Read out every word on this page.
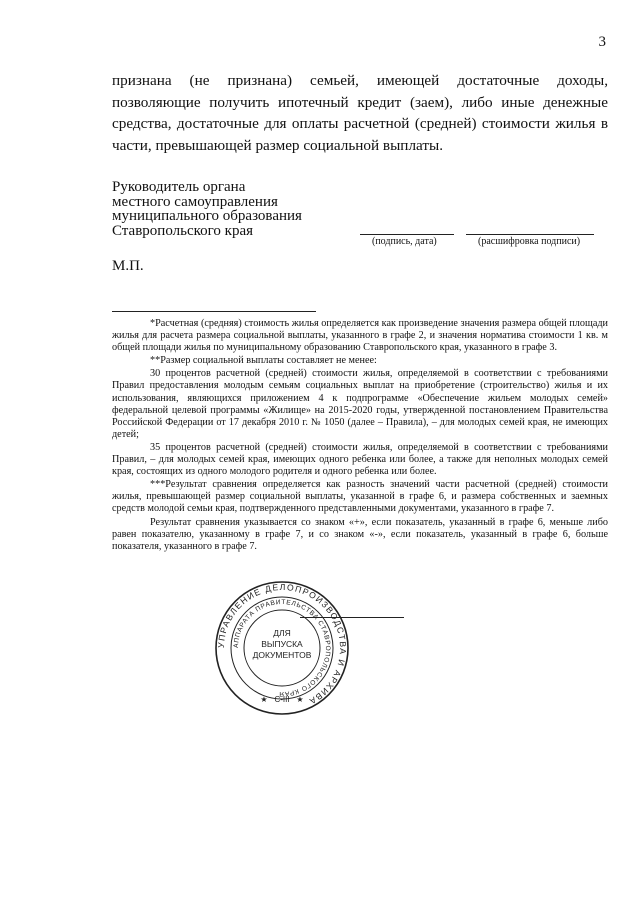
3

признана (не признана) семьей, имеющей достаточные доходы, позволяющие получить ипотечный кредит (заем), либо иные денежные средства, достаточные для оплаты расчетной (средней) стоимости жилья в части, превышающей размер социальной выплаты.

Руководитель органа
местного самоуправления
муниципального образования
Ставропольского края
(подпись, дата)	(расшифровка подписи)
М.П.

*Расчетная (средняя) стоимость жилья определяется как произведение значения размера общей площади жилья для расчета размера социальной выплаты, указанного в графе 2, и значения норматива стоимости 1 кв. м общей площади жилья по муниципальному образованию Ставропольского края, указанного в графе 3.

**Размер социальной выплаты составляет не менее:

30 процентов расчетной (средней) стоимости жилья, определяемой в соответствии с требованиями Правил предоставления молодым семьям социальных выплат на приобретение (строительство) жилья и их использования, являющихся приложением 4 к подпрограмме «Обеспечение жильем молодых семей» федеральной целевой программы «Жилище» на 2015-2020 годы, утвержденной постановлением Правительства Российской Федерации от 17 декабря 2010 г. № 1050 (далее – Правила), – для молодых семей края, не имеющих детей;

35 процентов расчетной (средней) стоимости жилья, определяемой в соответствии с требованиями Правил, – для молодых семей края, имеющих одного ребенка или более, а также для неполных молодых семей края, состоящих из одного молодого родителя и одного ребенка или более.

***Результат сравнения определяется как разность значений части расчетной (средней) стоимости жилья, превышающей размер социальной выплаты, указанной в графе 6, и размера собственных и заемных средств молодой семьи края, подтвержденного представленными документами, указанного в графе 7.

Результат сравнения указывается со знаком «+», если показатель, указанный в графе 6, меньше либо равен показателю, указанному в графе 7, и со знаком «-», если показатель, указанный в графе 6, больше показателя, указанного в графе 7.

УПРАВЛЕНИЕ ДЕЛОПРОИЗВОДСТВА И АРХИВА
АППАРАТА ПРАВИТЕЛЬСТВА СТАВРОПОЛЬСКОГО КРАЯ
ДЛЯ
ВЫПУСКА
ДОКУМЕНТОВ
С-III
★	★
